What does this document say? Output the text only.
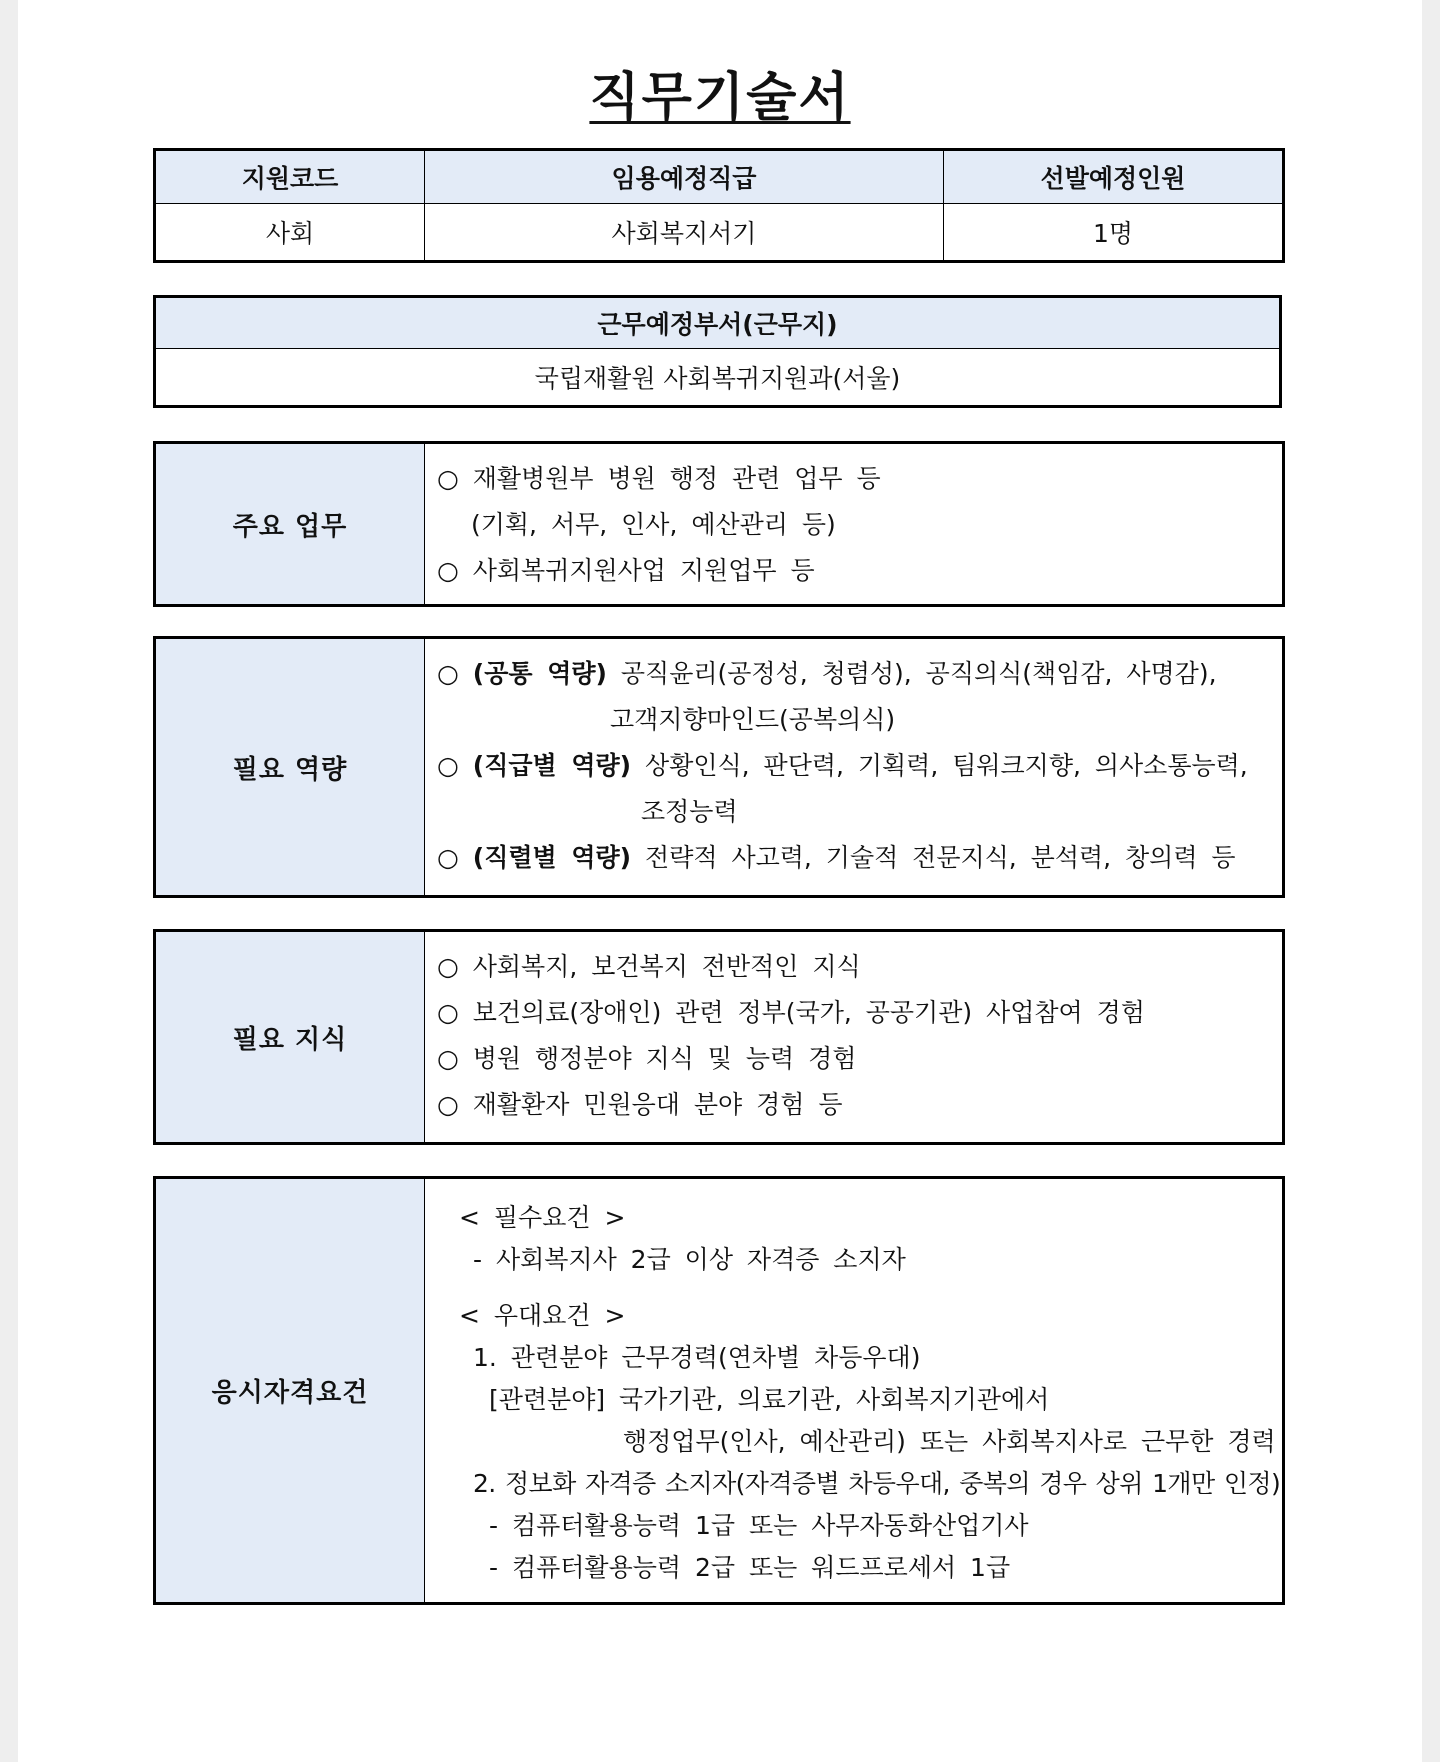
직무기술서
지원코드	임용예정직급	선발예정인원
사회	사회복지서기	1명
근무예정부서(근무지)
국립재활원 사회복귀지원과(서울)
주요 업무	

○ 재활병원부 병원 행정 관련 업무 등

(기획, 서무, 인사, 예산관리 등)

○ 사회복귀지원사업 지원업무 등

필요 역량	

○ (공통 역량) 공직윤리(공정성, 청렴성), 공직의식(책임감, 사명감),

고객지향마인드(공복의식)

○ (직급별 역량) 상황인식, 판단력, 기획력, 팀워크지향, 의사소통능력,

조정능력

○ (직렬별 역량) 전략적 사고력, 기술적 전문지식, 분석력, 창의력 등

필요 지식	

○ 사회복지, 보건복지 전반적인 지식

○ 보건의료(장애인) 관련 정부(국가, 공공기관) 사업참여 경험

○ 병원 행정분야 지식 및 능력 경험

○ 재활환자 민원응대 분야 경험 등

응시자격요건	

< 필수요건 >

- 사회복지사 2급 이상 자격증 소지자

< 우대요건 >

1. 관련분야 근무경력(연차별 차등우대)

[관련분야] 국가기관, 의료기관, 사회복지기관에서

행정업무(인사, 예산관리) 또는 사회복지사로 근무한 경력

2. 정보화 자격증 소지자(자격증별 차등우대, 중복의 경우 상위 1개만 인정)

- 컴퓨터활용능력 1급 또는 사무자동화산업기사

- 컴퓨터활용능력 2급 또는 워드프로세서 1급
